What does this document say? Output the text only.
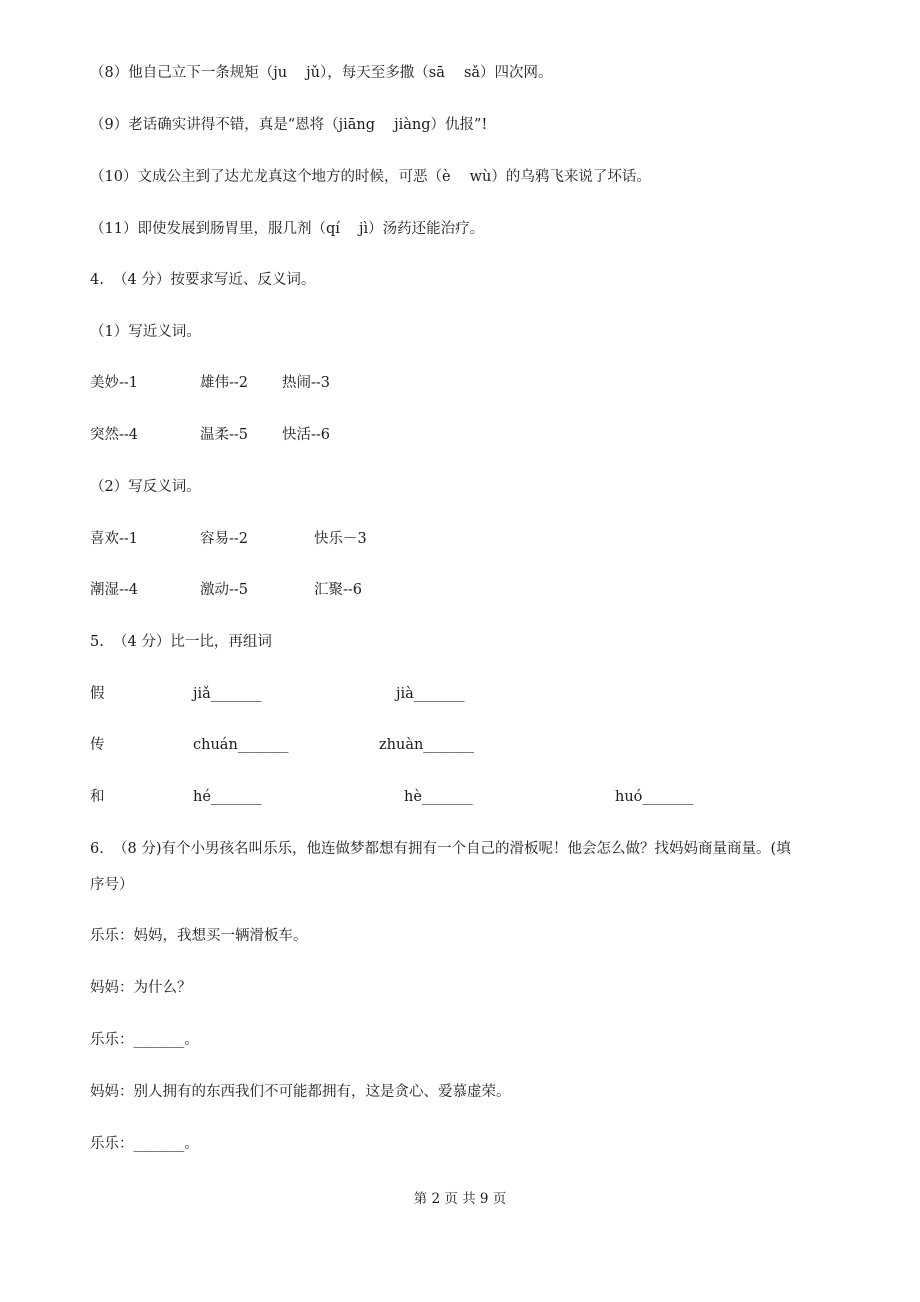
（8）他自己立下一条规矩（ju　 jǔ），每天至多撒（sā　 sǎ）四次网。
（9）老话确实讲得不错，真是“恩将（jiāng　 jiàng）仇报”!
（10）文成公主到了达尤龙真这个地方的时候，可恶（è　 wù）的乌鸦飞来说了坏话。
（11）即使发展到肠胃里，服几剂（qí　 jì）汤药还能治疗。
4.  （4 分）按要求写近、反义词。
（1）写近义词。
美妙--1	雄伟--2 热闹--3
突然--4	温柔--5 快活--6
（2）写反义词。
喜欢--1	容易--2	快乐－3
潮湿--4	激动--5	汇聚--6
5.  （4 分）比一比，再组词
假	jiǎ_______	jià_______
传	chuán_______	zhuàn_______
和	hé_______	hè_______	huó_______
6.  （8 分)有个小男孩名叫乐乐，他连做梦都想有拥有一个自己的滑板呢！他会怎么做？找妈妈商量商量。(填
序号）
乐乐：妈妈，我想买一辆滑板车。
妈妈：为什么？
乐乐：_______。
妈妈：别人拥有的东西我们不可能都拥有，这是贪心、爱慕虚荣。
乐乐：_______。
第 2 页 共 9 页
